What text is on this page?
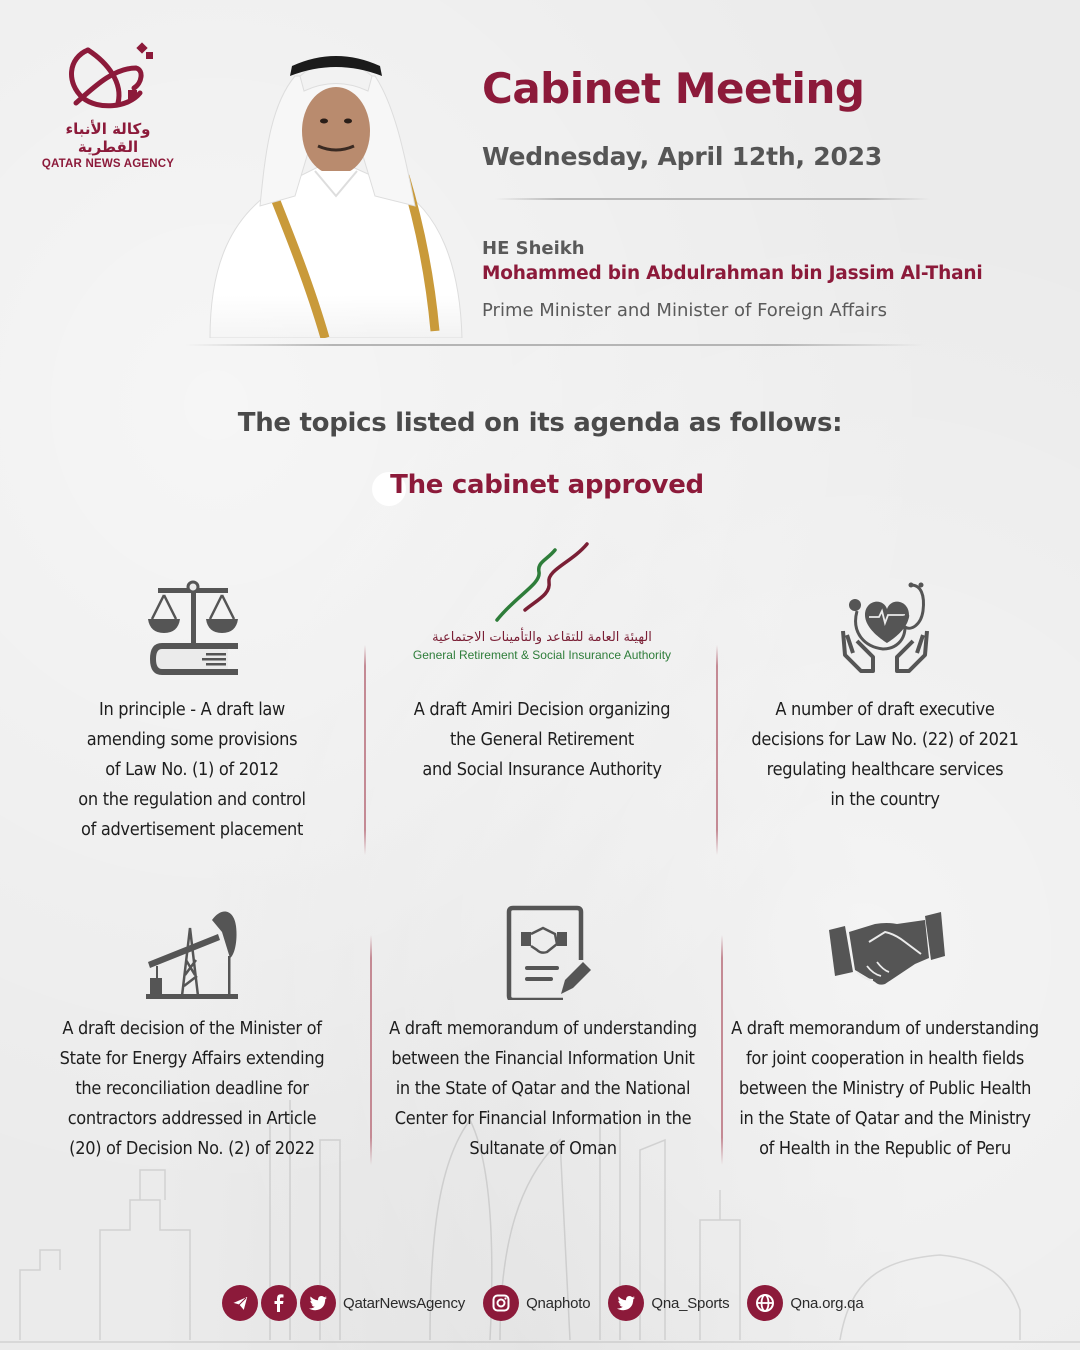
وكالة الأنباء القطرية
QATAR NEWS AGENCY
Cabinet Meeting
Wednesday, April 12th, 2023
HE Sheikh
Mohammed bin Abdulrahman bin Jassim Al-Thani
Prime Minister and Minister of Foreign Affairs
The topics listed on its agenda as follows:
The cabinet approved
In principle - A draft law
amending some provisions
of Law No. (1) of 2012
on the regulation and control
of advertisement placement
الهيئة العامة للتقاعد والتأمينات الاجتماعية
General Retirement & Social Insurance Authority
A draft Amiri Decision organizing
the General Retirement
and Social Insurance Authority
A number of draft executive
decisions for Law No. (22) of 2021
regulating healthcare services
in the country
A draft decision of the Minister of
State for Energy Affairs extending
the reconciliation deadline for
contractors addressed in Article
(20) of Decision No. (2) of 2022
A draft memorandum of understanding
between the Financial Information Unit
in the State of Qatar and the National
Center for Financial Information in the
Sultanate of Oman
A draft memorandum of understanding
for joint cooperation in health fields
between the Ministry of Public Health
in the State of Qatar and the Ministry
of Health in the Republic of Peru
QatarNewsAgency	Qnaphoto	Qna_Sports	Qna.org.qa
